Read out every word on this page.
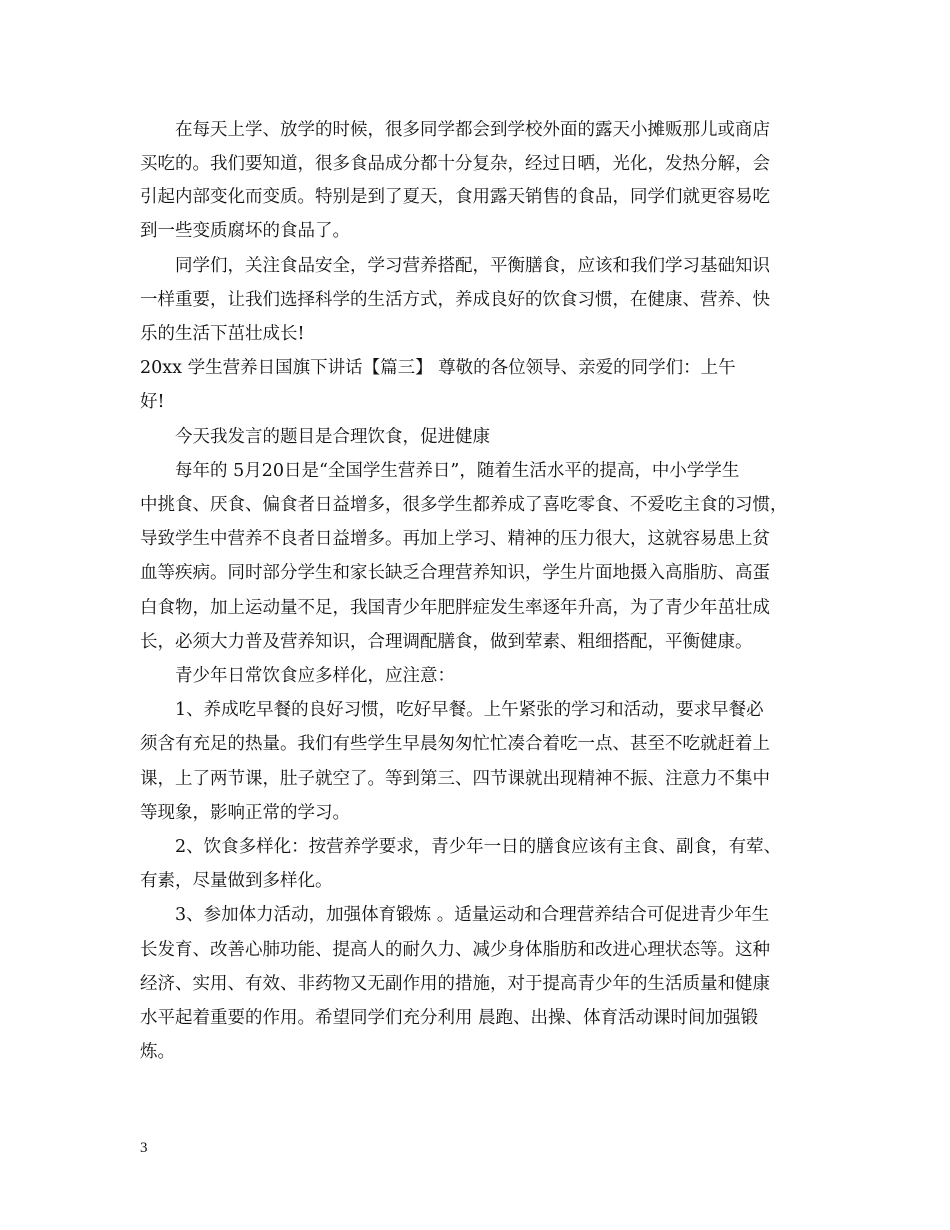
在每天上学、放学的时候，很多同学都会到学校外面的露天小摊贩那儿或商店
买吃的。我们要知道，很多食品成分都十分复杂，经过日晒，光化，发热分解，会
引起内部变化而变质。特别是到了夏天，食用露天销售的食品，同学们就更容易吃
到一些变质腐坏的食品了。
同学们，关注食品安全，学习营养搭配，平衡膳食，应该和我们学习基础知识
一样重要，让我们选择科学的生活方式，养成良好的饮食习惯，在健康、营养、快
乐的生活下茁壮成长!
20xx 学生营养日国旗下讲话【篇三】 尊敬的各位领导、亲爱的同学们：上午
好!
今天我发言的题目是合理饮食，促进健康
每年的 5月20日是“全国学生营养日”，随着生活水平的提高，中小学学生
中挑食、厌食、偏食者日益增多，很多学生都养成了喜吃零食、不爱吃主食的习惯，
导致学生中营养不良者日益增多。再加上学习、精神的压力很大，这就容易患上贫
血等疾病。同时部分学生和家长缺乏合理营养知识，学生片面地摄入高脂肪、高蛋
白食物，加上运动量不足，我国青少年肥胖症发生率逐年升高，为了青少年茁壮成
长，必须大力普及营养知识，合理调配膳食，做到荤素、粗细搭配，平衡健康。
青少年日常饮食应多样化，应注意：
1、养成吃早餐的良好习惯，吃好早餐。上午紧张的学习和活动，要求早餐必
须含有充足的热量。我们有些学生早晨匆匆忙忙凑合着吃一点、甚至不吃就赶着上
课，上了两节课，肚子就空了。等到第三、四节课就出现精神不振、注意力不集中
等现象，影响正常的学习。
2、饮食多样化：按营养学要求，青少年一日的膳食应该有主食、副食，有荤、
有素，尽量做到多样化。
3、参加体力活动，加强体育锻炼 。适量运动和合理营养结合可促进青少年生
长发育、改善心肺功能、提高人的耐久力、减少身体脂肪和改进心理状态等。这种
经济、实用、有效、非药物又无副作用的措施，对于提高青少年的生活质量和健康
水平起着重要的作用。希望同学们充分利用 晨跑、出操、体育活动课时间加强锻
炼。
3
